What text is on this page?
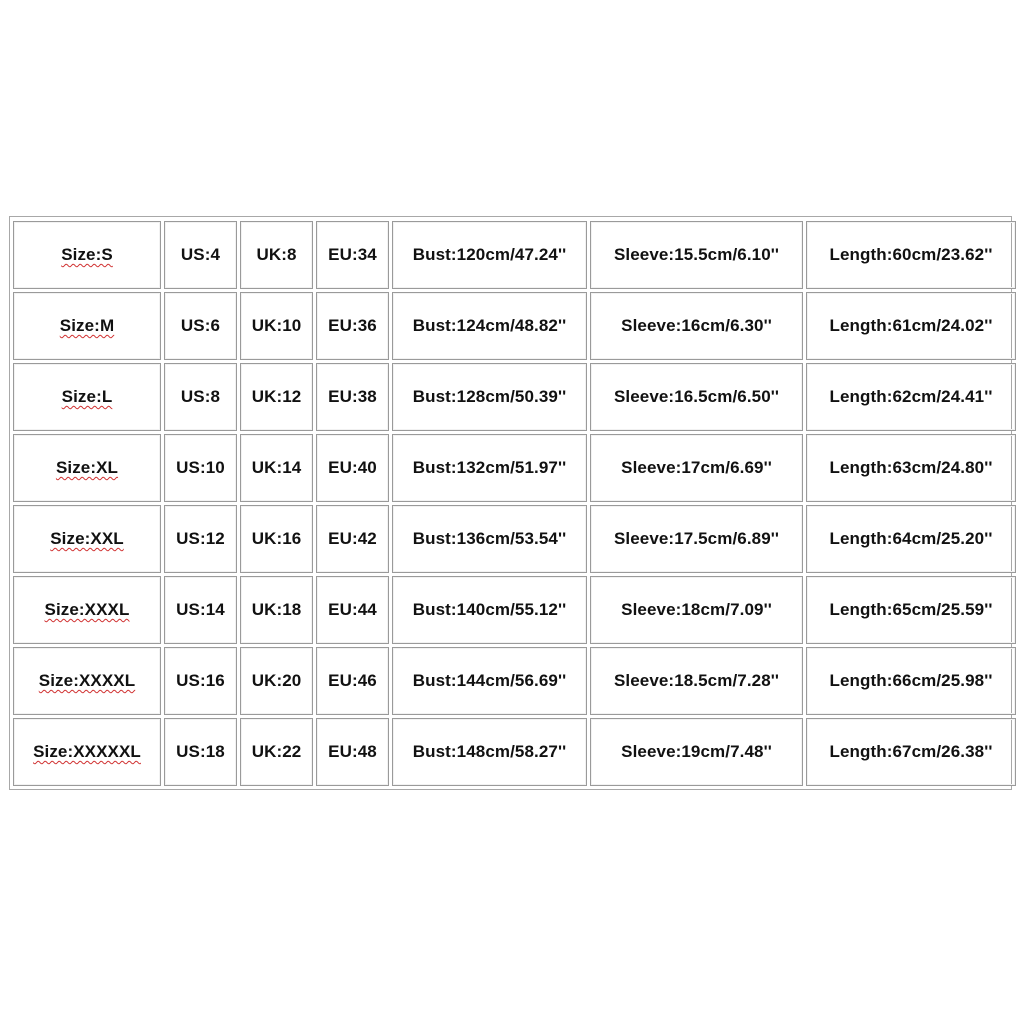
Size:S	US:4	UK:8	EU:34	Bust:120cm/47.24''	Sleeve:15.5cm/6.10''	Length:60cm/23.62''
Size:M	US:6	UK:10	EU:36	Bust:124cm/48.82''	Sleeve:16cm/6.30''	Length:61cm/24.02''
Size:L	US:8	UK:12	EU:38	Bust:128cm/50.39''	Sleeve:16.5cm/6.50''	Length:62cm/24.41''
Size:XL	US:10	UK:14	EU:40	Bust:132cm/51.97''	Sleeve:17cm/6.69''	Length:63cm/24.80''
Size:XXL	US:12	UK:16	EU:42	Bust:136cm/53.54''	Sleeve:17.5cm/6.89''	Length:64cm/25.20''
Size:XXXL	US:14	UK:18	EU:44	Bust:140cm/55.12''	Sleeve:18cm/7.09''	Length:65cm/25.59''
Size:XXXXL	US:16	UK:20	EU:46	Bust:144cm/56.69''	Sleeve:18.5cm/7.28''	Length:66cm/25.98''
Size:XXXXXL	US:18	UK:22	EU:48	Bust:148cm/58.27''	Sleeve:19cm/7.48''	Length:67cm/26.38''
